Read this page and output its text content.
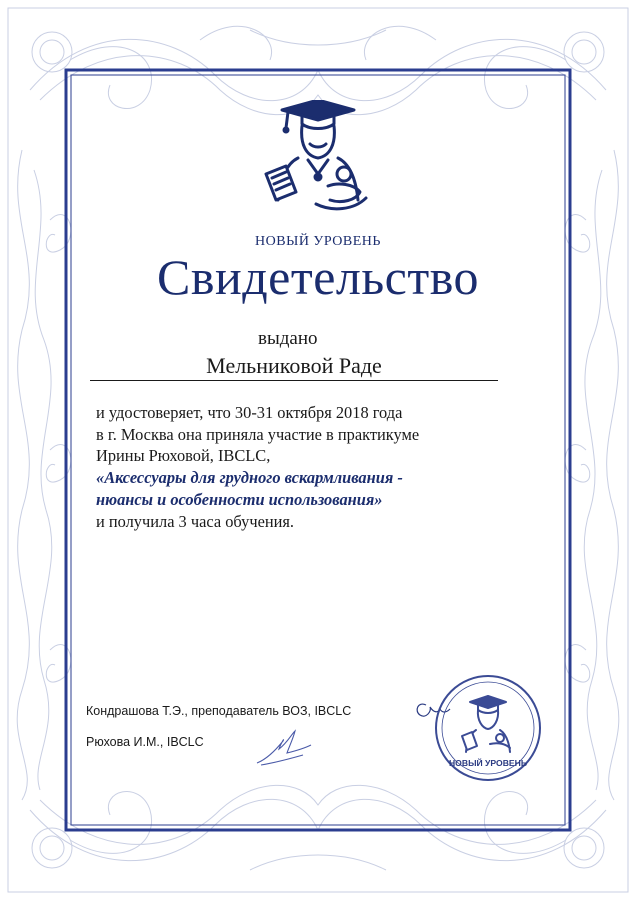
НОВЫЙ УРОВЕНЬ
Свидетельство
выдано
Мельниковой Раде
и удостоверяет, что 30-31 октября 2018 года
в г. Москва она приняла участие в практикуме
Ирины Рюховой, IBCLC,
«Аксессуары для грудного вскармливания -
нюансы и особенности использования»
и получила 3 часа обучения.
Кондрашова Т.Э., преподаватель ВОЗ, IBCLC
Рюхова И.М., IBCLC
НОВЫЙ УРОВЕНЬ
